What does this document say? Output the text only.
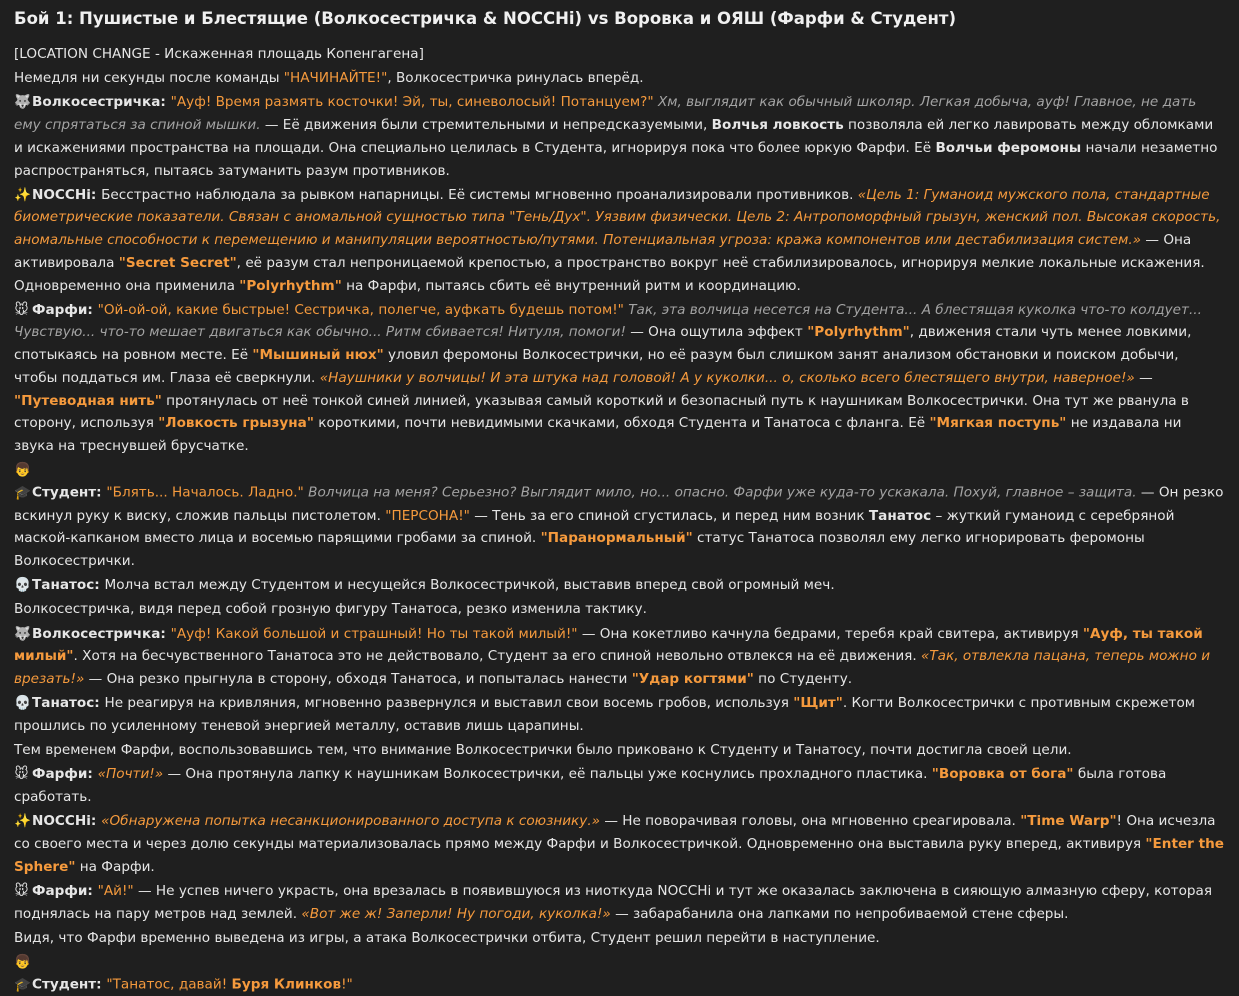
Бой 1: Пушистые и Блестящие (Волкосестричка & NOCCHi) vs Воровка и ОЯШ (Фарфи & Студент)

[LOCATION CHANGE - Искаженная площадь Копенгагена]

Немедля ни секунды после команды "НАЧИНАЙТЕ!", Волкосестричка ринулась вперёд.

🐺Волкосестричка: "Ауф! Время размять косточки! Эй, ты, синеволосый! Потанцуем?" Хм, выглядит как обычный школяр. Легкая добыча, ауф! Главное, не дать ему спрятаться за спиной мышки. — Её движения были стремительными и непредсказуемыми, Волчья ловкость позволяла ей легко лавировать между обломками и искажениями пространства на площади. Она специально целилась в Студента, игнорируя пока что более юркую Фарфи. Её Волчьи феромоны начали незаметно распространяться, пытаясь затуманить разум противников.

✨NOCCHi: Бесстрастно наблюдала за рывком напарницы. Её системы мгновенно проанализировали противников. «Цель 1: Гуманоид мужского пола, стандартные биометрические показатели. Связан с аномальной сущностью типа "Тень/Дух". Уязвим физически. Цель 2: Антропоморфный грызун, женский пол. Высокая скорость, аномальные способности к перемещению и манипуляции вероятностью/путями. Потенциальная угроза: кража компонентов или дестабилизация систем.» — Она активировала "Secret Secret", её разум стал непроницаемой крепостью, а пространство вокруг неё стабилизировалось, игнорируя мелкие локальные искажения. Одновременно она применила "Polyrhythm" на Фарфи, пытаясь сбить её внутренний ритм и координацию.

🐭 Фарфи: "Ой-ой-ой, какие быстрые! Сестричка, полегче, ауфкать будешь потом!" Так, эта волчица несется на Студента... А блестящая куколка что-то колдует... Чувствую... что-то мешает двигаться как обычно... Ритм сбивается! Нитуля, помоги! — Она ощутила эффект "Polyrhythm", движения стали чуть менее ловкими, спотыкаясь на ровном месте. Её "Мышиный нюх" уловил феромоны Волкосестрички, но её разум был слишком занят анализом обстановки и поиском добычи, чтобы поддаться им. Глаза её сверкнули. «Наушники у волчицы! И эта штука над головой! А у куколки... о, сколько всего блестящего внутри, наверное!» — "Путеводная нить" протянулась от неё тонкой синей линией, указывая самый короткий и безопасный путь к наушникам Волкосестрички. Она тут же рванула в сторону, используя "Ловкость грызуна" короткими, почти невидимыми скачками, обходя Студента и Танатоса с фланга. Её "Мягкая поступь" не издавала ни звука на треснувшей брусчатке.

👦🎓Студент: "Блять... Началось. Ладно." Волчица на меня? Серьезно? Выглядит мило, но... опасно. Фарфи уже куда-то ускакала. Похуй, главное – защита. — Он резко вскинул руку к виску, сложив пальцы пистолетом. "ПЕРСОНА!" — Тень за его спиной сгустилась, и перед ним возник Танатос – жуткий гуманоид с серебряной маской-капканом вместо лица и восемью парящими гробами за спиной. "Паранормальный" статус Танатоса позволял ему легко игнорировать феромоны Волкосестрички.

💀Танатос: Молча встал между Студентом и несущейся Волкосестричкой, выставив вперед свой огромный меч.

Волкосестричка, видя перед собой грозную фигуру Танатоса, резко изменила тактику.

🐺Волкосестричка: "Ауф! Какой большой и страшный! Но ты такой милый!" — Она кокетливо качнула бедрами, теребя край свитера, активируя "Ауф, ты такой милый". Хотя на бесчувственного Танатоса это не действовало, Студент за его спиной невольно отвлекся на её движения. «Так, отвлекла пацана, теперь можно и врезать!» — Она резко прыгнула в сторону, обходя Танатоса, и попыталась нанести "Удар когтями" по Студенту.

💀Танатос: Не реагируя на кривляния, мгновенно развернулся и выставил свои восемь гробов, используя "Щит". Когти Волкосестрички с противным скрежетом прошлись по усиленному теневой энергией металлу, оставив лишь царапины.

Тем временем Фарфи, воспользовавшись тем, что внимание Волкосестрички было приковано к Студенту и Танатосу, почти достигла своей цели.

🐭 Фарфи: «Почти!» — Она протянула лапку к наушникам Волкосестрички, её пальцы уже коснулись прохладного пластика. "Воровка от бога" была готова сработать.

✨NOCCHi: «Обнаружена попытка несанкционированного доступа к союзнику.» — Не поворачивая головы, она мгновенно среагировала. "Time Warp"! Она исчезла со своего места и через долю секунды материализовалась прямо между Фарфи и Волкосестричкой. Одновременно она выставила руку вперед, активируя "Enter the Sphere" на Фарфи.

🐭 Фарфи: "Ай!" — Не успев ничего украсть, она врезалась в появившуюся из ниоткуда NOCCHi и тут же оказалась заключена в сияющую алмазную сферу, которая поднялась на пару метров над землей. «Вот же ж! Заперли! Ну погоди, куколка!» — забарабанила она лапками по непробиваемой стене сферы.

Видя, что Фарфи временно выведена из игры, а атака Волкосестрички отбита, Студент решил перейти в наступление.

👦🎓Студент: "Танатос, давай! Буря Клинков!"
